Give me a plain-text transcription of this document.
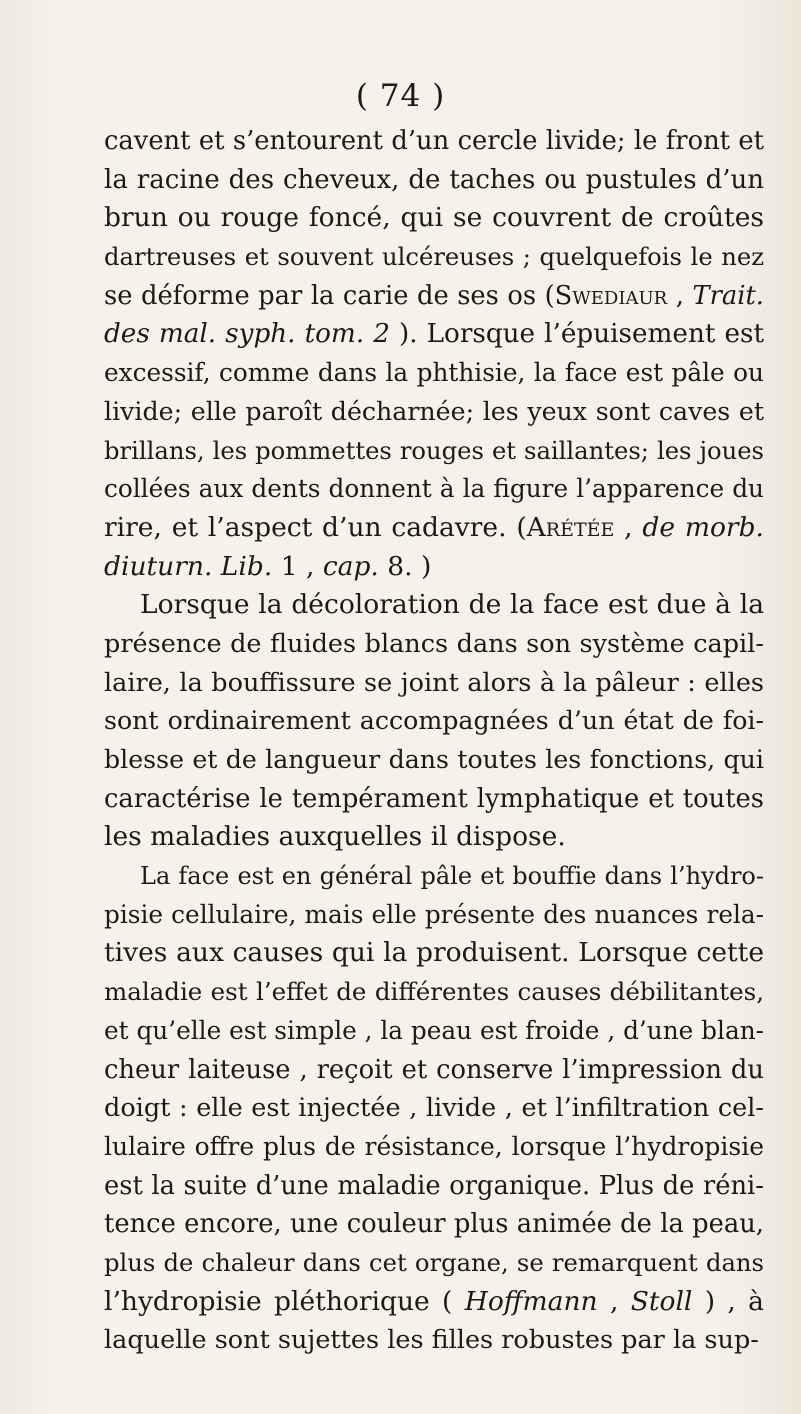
( 74 )
cavent et s’entourent d’un cercle livide; le front et
la racine des cheveux, de taches ou pustules d’un
brun ou rouge foncé, qui se couvrent de croûtes
dartreuses et souvent ulcéreuses ; quelquefois le nez
se déforme par la carie de ses os (Swediaur , Trait.
des mal. syph. tom. 2 ). Lorsque l’épuisement est
excessif, comme dans la phthisie, la face est pâle ou
livide; elle paroît décharnée; les yeux sont caves et
brillans, les pommettes rouges et saillantes; les joues
collées aux dents donnent à la figure l’apparence du
rire, et l’aspect d’un cadavre. (Arétée , de morb.
diuturn. Lib. 1 , cap. 8. )
Lorsque la décoloration de la face est due à la
présence de fluides blancs dans son système capil-
laire, la bouffissure se joint alors à la pâleur : elles
sont ordinairement accompagnées d’un état de foi-
blesse et de langueur dans toutes les fonctions, qui
caractérise le tempérament lymphatique et toutes
les maladies auxquelles il dispose.
La face est en général pâle et bouffie dans l’hydro-
pisie cellulaire, mais elle présente des nuances rela-
tives aux causes qui la produisent. Lorsque cette
maladie est l’effet de différentes causes débilitantes,
et qu’elle est simple , la peau est froide , d’une blan-
cheur laiteuse , reçoit et conserve l’impression du
doigt : elle est injectée , livide , et l’infiltration cel-
lulaire offre plus de résistance, lorsque l’hydropisie
est la suite d’une maladie organique. Plus de réni-
tence encore, une couleur plus animée de la peau,
plus de chaleur dans cet organe, se remarquent dans
l’hydropisie pléthorique ( Hoffmann , Stoll ) , à
laquelle sont sujettes les filles robustes par la sup-
